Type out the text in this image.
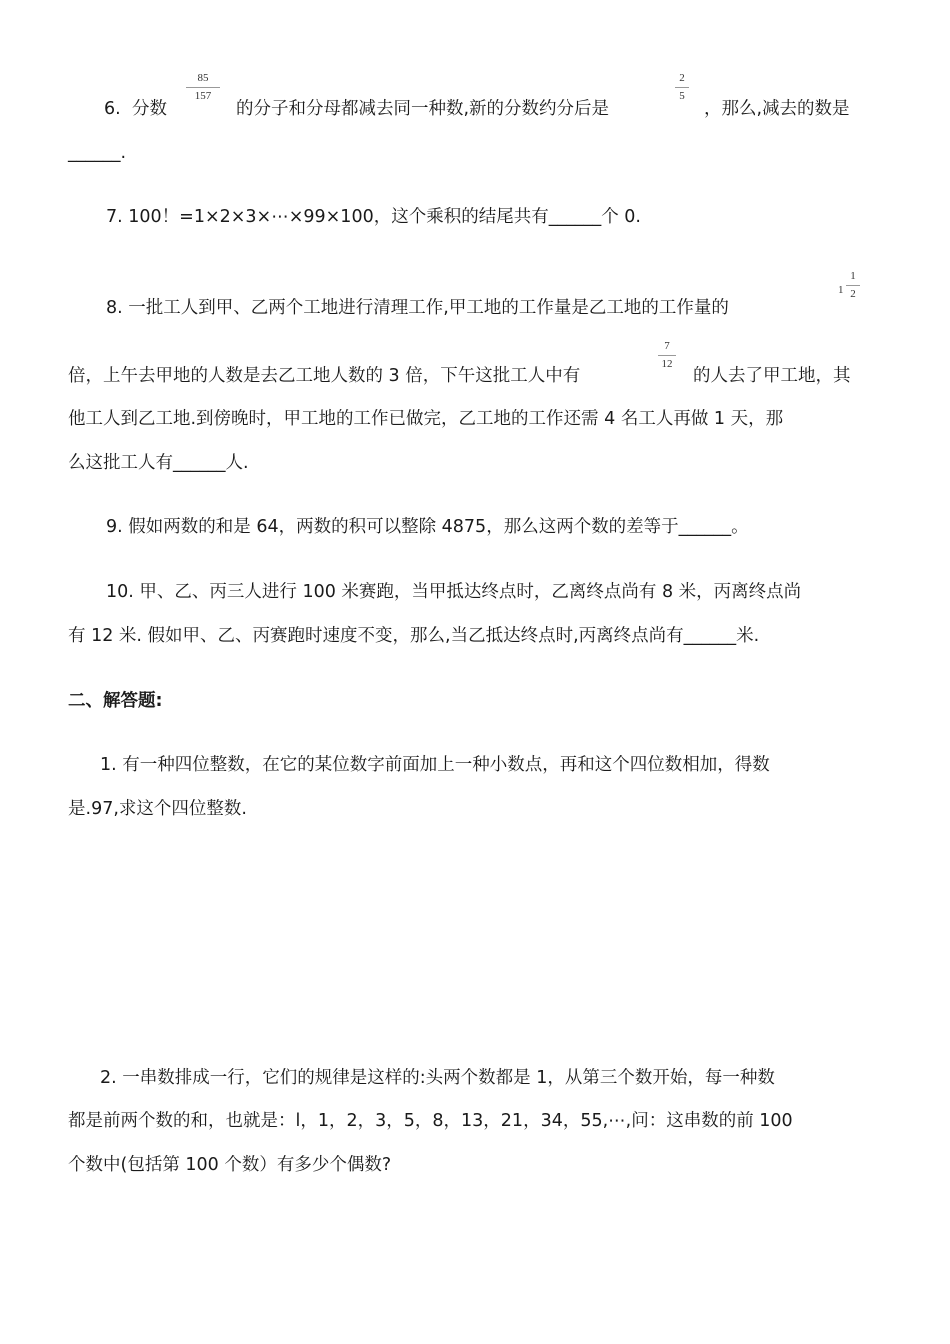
6. 分数
85
157
的分子和分母都减去同一种数,新的分数约分后是
2
5
，那么,减去的数是
______.
7. 100！=1×2×3×⋯×99×100，这个乘积的结尾共有______个 0.
8. 一批工人到甲、乙两个工地进行清理工作,甲工地的工作量是乙工地的工作量的
1
1
2
倍，上午去甲地的人数是去乙工地人数的 3 倍，下午这批工人中有
7
12
的人去了甲工地，其
他工人到乙工地.到傍晚时，甲工地的工作已做完，乙工地的工作还需 4 名工人再做 1 天，那
么这批工人有______人.
9. 假如两数的和是 64，两数的积可以整除 4875，那么这两个数的差等于______。
10. 甲、乙、丙三人进行 100 米赛跑，当甲抵达终点时，乙离终点尚有 8 米，丙离终点尚
有 12 米. 假如甲、乙、丙赛跑时速度不变，那么,当乙抵达终点时,丙离终点尚有______米.
二、解答题:
1. 有一种四位整数，在它的某位数字前面加上一种小数点，再和这个四位数相加，得数
是.97,求这个四位整数.
2. 一串数排成一行，它们的规律是这样的:头两个数都是 1，从第三个数开始，每一种数
都是前两个数的和，也就是：l，1，2，3，5，8，13，21，34，55,⋯,问：这串数的前 100
个数中(包括第 100 个数）有多少个偶数?
